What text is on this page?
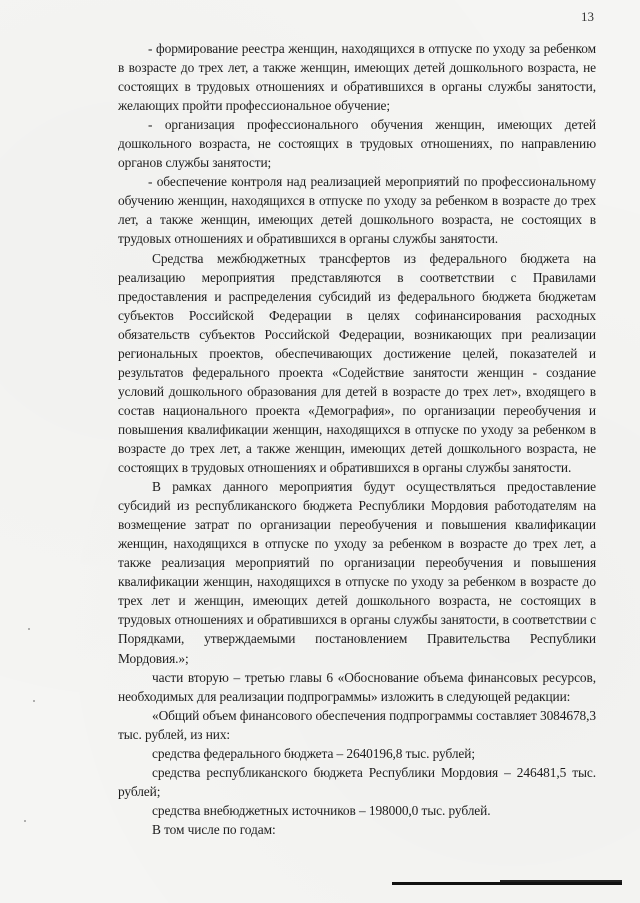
13

- формирование реестра женщин, находящихся в отпуске по уходу за ребенком в возрасте до трех лет, а также женщин, имеющих детей дошкольного возраста, не состоящих в трудовых отношениях и обратившихся в органы службы занятости, желающих пройти профессиональное обучение;

- организация профессионального обучения женщин, имеющих детей дошкольного возраста, не состоящих в трудовых отношениях, по направлению органов службы занятости;

- обеспечение контроля над реализацией мероприятий по профессиональному обучению женщин, находящихся в отпуске по уходу за ребенком в возрасте до трех лет, а также женщин, имеющих детей дошкольного возраста, не состоящих в трудовых отношениях и обратившихся в органы службы занятости.

Средства межбюджетных трансфертов из федерального бюджета на реализацию мероприятия представляются в соответствии с Правилами предоставления и распределения субсидий из федерального бюджета бюджетам субъектов Российской Федерации в целях софинансирования расходных обязательств субъектов Российской Федерации, возникающих при реализации региональных проектов, обеспечивающих достижение целей, показателей и результатов федерального проекта «Содействие занятости женщин - создание условий дошкольного образования для детей в возрасте до трех лет», входящего в состав национального проекта «Демография», по организации переобучения и повышения квалификации женщин, находящихся в отпуске по уходу за ребенком в возрасте до трех лет, а также женщин, имеющих детей дошкольного возраста, не состоящих в трудовых отношениях и обратившихся в органы службы занятости.

В рамках данного мероприятия будут осуществляться предоставление субсидий из республиканского бюджета Республики Мордовия работодателям на возмещение затрат по организации переобучения и повышения квалификации женщин, находящихся в отпуске по уходу за ребенком в возрасте до трех лет, а также реализация мероприятий по организации переобучения и повышения квалификации женщин, находящихся в отпуске по уходу за ребенком в возрасте до трех лет и женщин, имеющих детей дошкольного возраста, не состоящих в трудовых отношениях и обратившихся в органы службы занятости, в соответствии с Порядками, утверждаемыми постановлением Правительства Республики Мордовия.»;

части вторую – третью главы 6 «Обоснование объема финансовых ресурсов, необходимых для реализации подпрограммы» изложить в следующей редакции:

«Общий объем финансового обеспечения подпрограммы составляет 3084678,3 тыс. рублей, из них:

средства федерального бюджета – 2640196,8 тыс. рублей;

средства республиканского бюджета Республики Мордовия – 246481,5 тыс. рублей;

средства внебюджетных источников – 198000,0 тыс. рублей.

В том числе по годам:
